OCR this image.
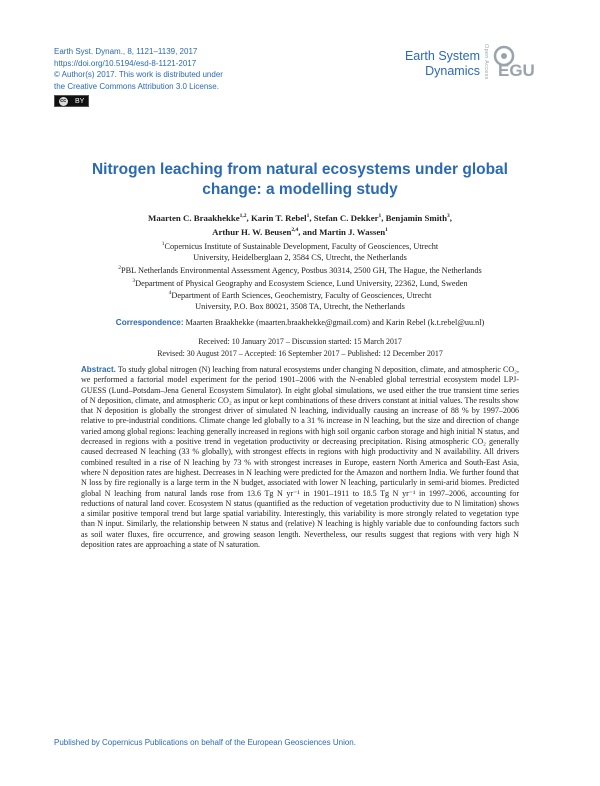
Earth Syst. Dynam., 8, 1121–1139, 2017
https://doi.org/10.5194/esd-8-1121-2017
© Author(s) 2017. This work is distributed under
the Creative Commons Attribution 3.0 License.
cc BY
Earth System
Dynamics Open Access EGU
Nitrogen leaching from natural ecosystems under global
change: a modelling study
Maarten C. Braakhekke$^{1,2}$, Karin T. Rebel$^1$, Stefan C. Dekker$^1$, Benjamin Smith$^3$,
Arthur H. W. Beusen$^{2,4}$, and Martin J. Wassen$^1$
$^1$Copernicus Institute of Sustainable Development, Faculty of Geosciences, Utrecht
University, Heidelberglaan 2, 3584 CS, Utrecht, the Netherlands
$^2$PBL Netherlands Environmental Assessment Agency, Postbus 30314, 2500 GH, The Hague, the Netherlands
$^3$Department of Physical Geography and Ecosystem Science, Lund University, 22362, Lund, Sweden
$^4$Department of Earth Sciences, Geochemistry, Faculty of Geosciences, Utrecht
University, P.O. Box 80021, 3508 TA, Utrecht, the Netherlands
Correspondence: Maarten Braakhekke (maarten.braakhekke@gmail.com) and Karin Rebel (k.t.rebel@uu.nl)
Received: 10 January 2017 – Discussion started: 15 March 2017
Revised: 30 August 2017 – Accepted: 16 September 2017 – Published: 12 December 2017
Abstract. To study global nitrogen (N) leaching from natural ecosystems under changing N deposition, climate, and atmospheric CO₂, we performed a factorial model experiment for the period 1901–2006 with the N-enabled global terrestrial ecosystem model LPJ-GUESS (Lund–Potsdam–Jena General Ecosystem Simulator). In eight global simulations, we used either the true transient time series of N deposition, climate, and atmospheric CO₂ as input or kept combinations of these drivers constant at initial values. The results show that N deposition is globally the strongest driver of simulated N leaching, individually causing an increase of 88 % by 1997–2006 relative to pre-industrial conditions. Climate change led globally to a 31 % increase in N leaching, but the size and direction of change varied among global regions: leaching generally increased in regions with high soil organic carbon storage and high initial N status, and decreased in regions with a positive trend in vegetation productivity or decreasing precipitation. Rising atmospheric CO₂ generally caused decreased N leaching (33 % globally), with strongest effects in regions with high productivity and N availability. All drivers combined resulted in a rise of N leaching by 73 % with strongest increases in Europe, eastern North America and South-East Asia, where N deposition rates are highest. Decreases in N leaching were predicted for the Amazon and northern India. We further found that N loss by fire regionally is a large term in the N budget, associated with lower N leaching, particularly in semi-arid biomes. Predicted global N leaching from natural lands rose from 13.6 Tg N yr⁻¹ in 1901–1911 to 18.5 Tg N yr⁻¹ in 1997–2006, accounting for reductions of natural land cover. Ecosystem N status (quantified as the reduction of vegetation productivity due to N limitation) shows a similar positive temporal trend but large spatial variability. Interestingly, this variability is more strongly related to vegetation type than N input. Similarly, the relationship between N status and (relative) N leaching is highly variable due to confounding factors such as soil water fluxes, fire occurrence, and growing season length. Nevertheless, our results suggest that regions with very high N deposition rates are approaching a state of N saturation.
Published by Copernicus Publications on behalf of the European Geosciences Union.
